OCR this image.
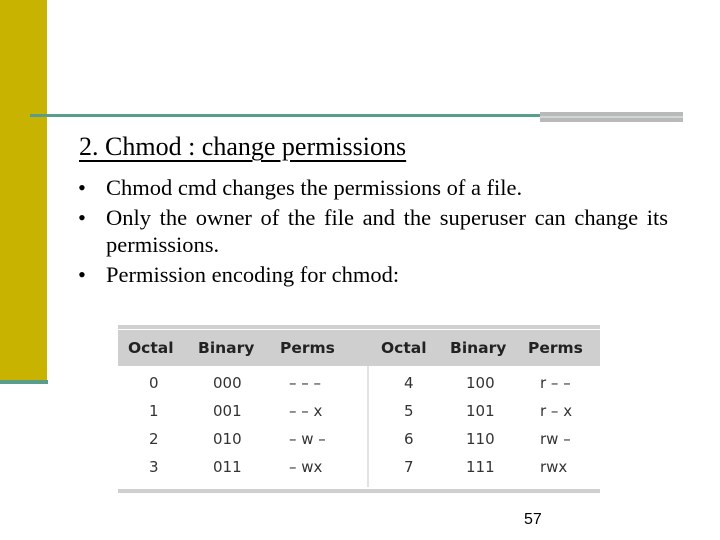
2. Chmod : change permissions
• Chmod cmd changes the permissions of a file.
• Only the owner of the file and the superuser can change its permissions.
• Permission encoding for chmod:
Octal Binary Perms	Octal Binary Perms
0	000	– – –	4	100	r – –
1	001	– – x	5	101	r – x
2	010	– w –	6	110	rw –
3	011	– wx	7	111	rwx
57
